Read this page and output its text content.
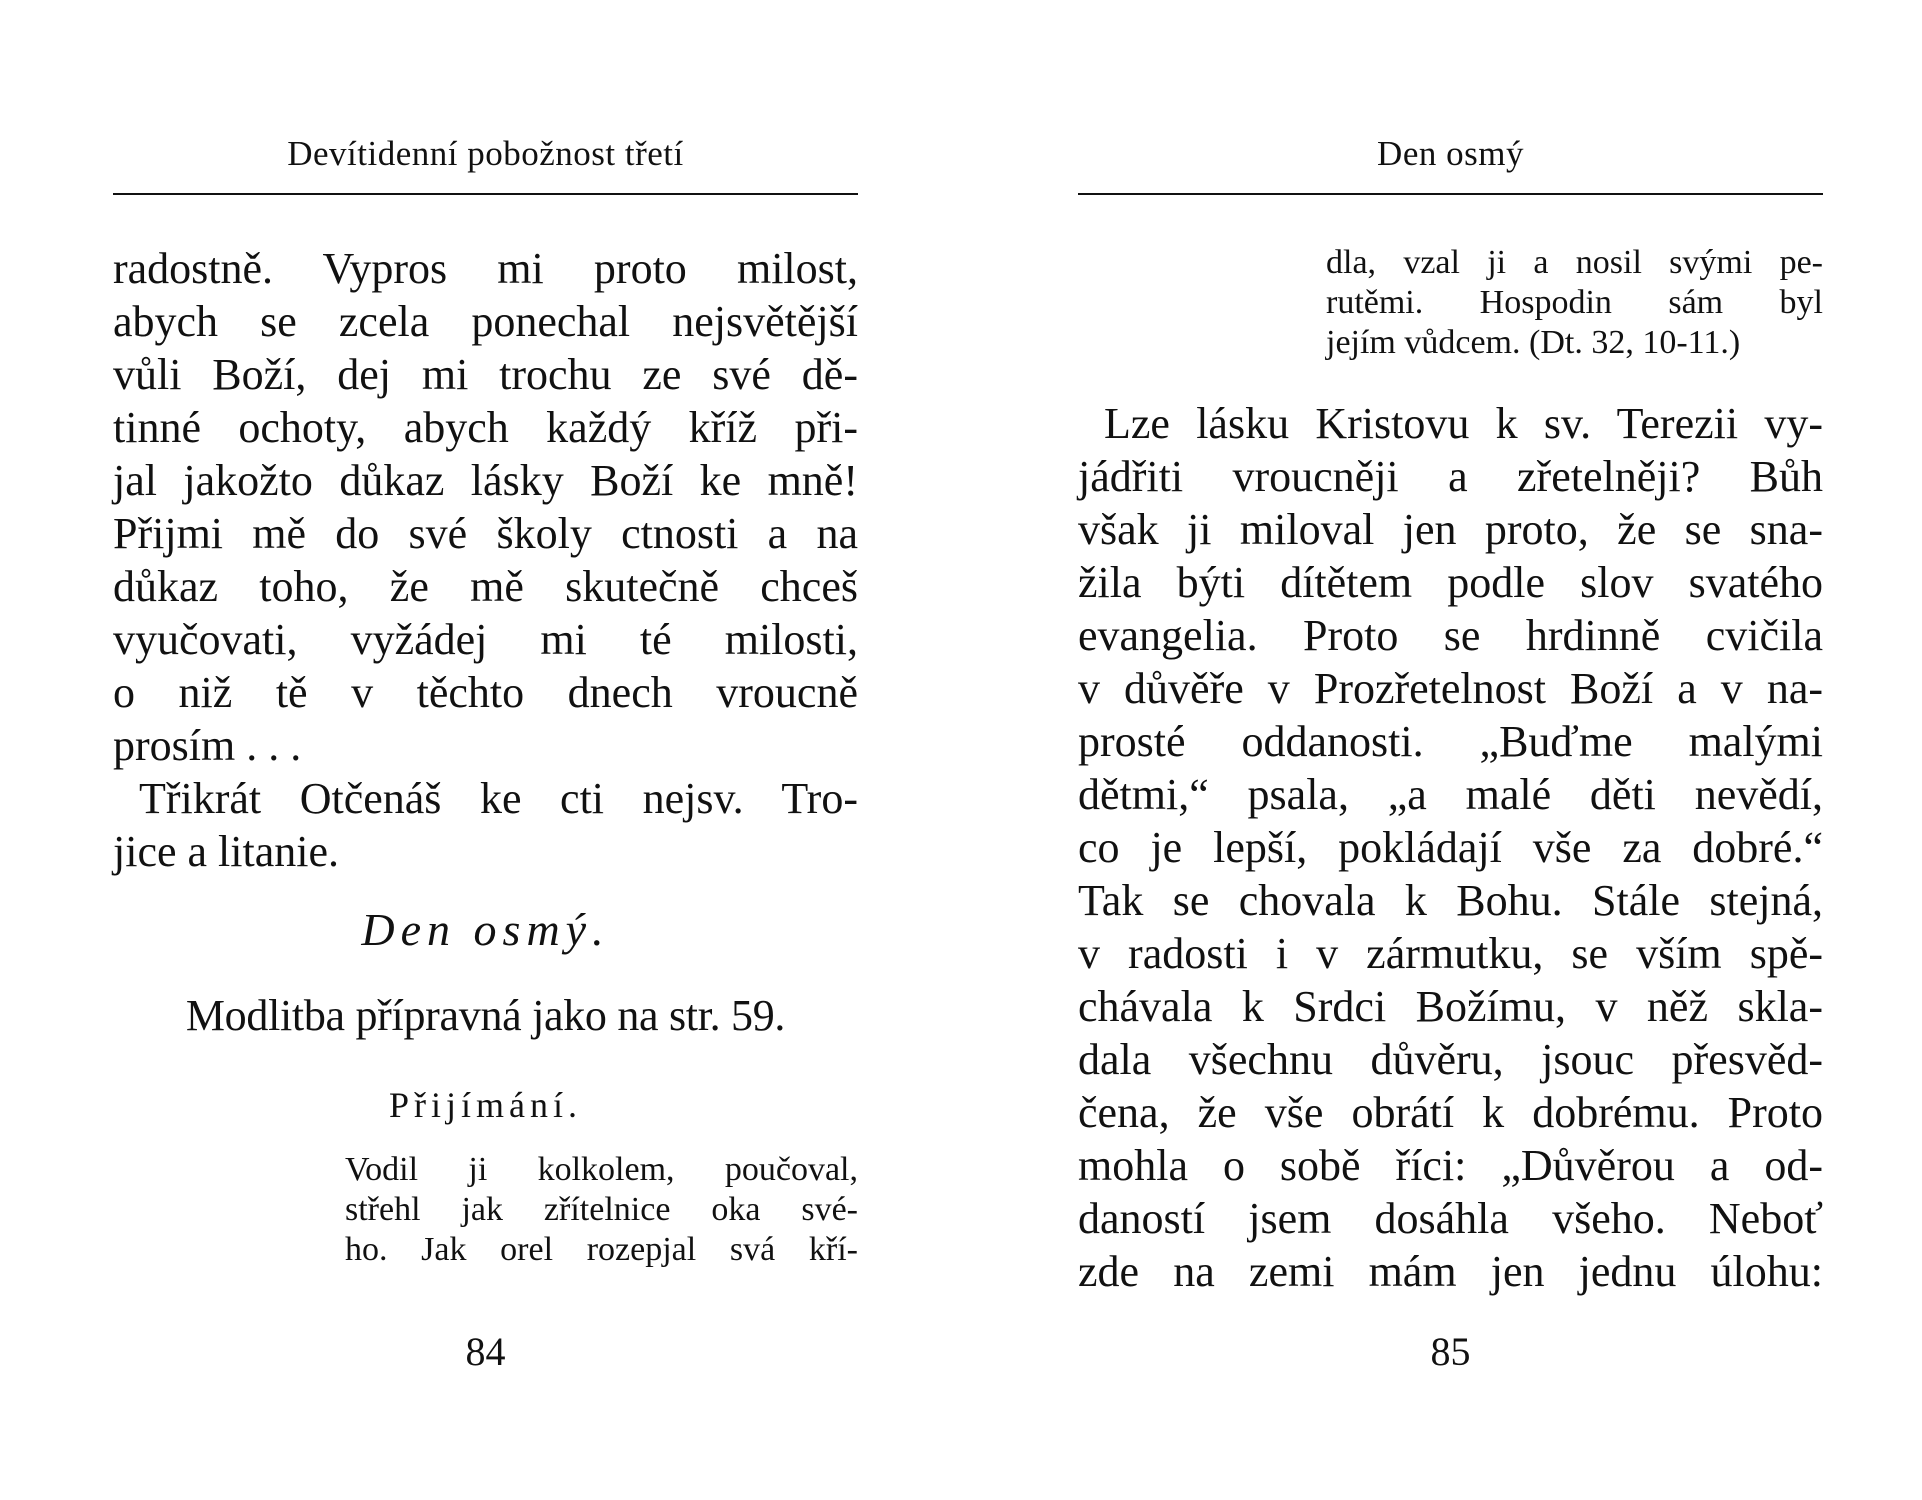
Devítidenní pobožnost třetí
radostně. Vypros mi proto milost,
abych se zcela ponechal nejsvětější
vůli Boží, dej mi trochu ze své dě-
tinné ochoty, abych každý kříž při-
jal jakožto důkaz lásky Boží ke mně!
Přijmi mě do své školy ctnosti a na
důkaz toho, že mě skutečně chceš
vyučovati, vyžádej mi té milosti,
o niž tě v těchto dnech vroucně
prosím . . .
Třikrát Otčenáš ke cti nejsv. Tro-
jice a litanie.
Den osmý.
Modlitba přípravná jako na str. 59.
Přijímání.
Vodil ji kolkolem, poučoval,
střehl jak zřítelnice oka své-
ho. Jak orel rozepjal svá kří-
84
Den osmý
dla, vzal ji a nosil svými pe-
rutěmi. Hospodin sám byl
jejím vůdcem. (Dt. 32, 10-11.)
Lze lásku Kristovu k sv. Terezii vy-
jádřiti vroucněji a zřetelněji? Bůh
však ji miloval jen proto, že se sna-
žila býti dítětem podle slov svatého
evangelia. Proto se hrdinně cvičila
v důvěře v Prozřetelnost Boží a v na-
prosté oddanosti. „Buďme malými
dětmi,“ psala, „a malé děti nevědí,
co je lepší, pokládají vše za dobré.“
Tak se chovala k Bohu. Stále stejná,
v radosti i v zármutku, se vším spě-
chávala k Srdci Božímu, v něž skla-
dala všechnu důvěru, jsouc přesvěd-
čena, že vše obrátí k dobrému. Proto
mohla o sobě říci: „Důvěrou a od-
daností jsem dosáhla všeho. Neboť
zde na zemi mám jen jednu úlohu:
85
